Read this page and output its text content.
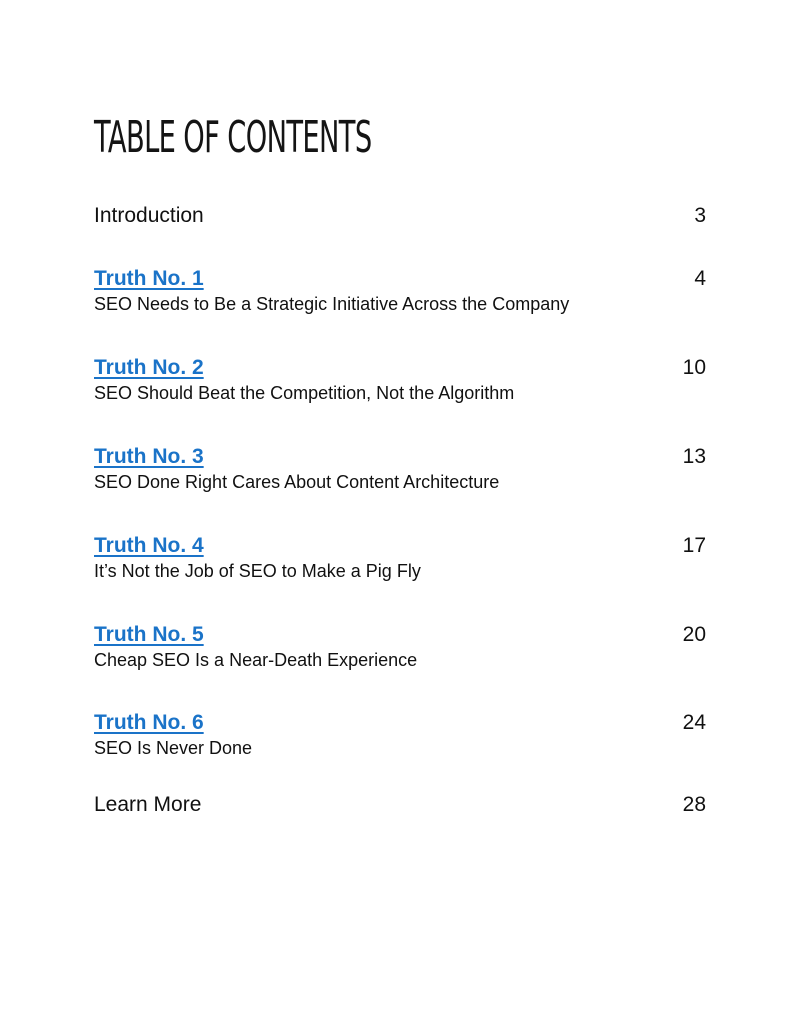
TABLE OF CONTENTS
Introduction	3
Truth No. 1	4
SEO Needs to Be a Strategic Initiative Across the Company
Truth No. 2	10
SEO Should Beat the Competition, Not the Algorithm
Truth No. 3	13
SEO Done Right Cares About Content Architecture
Truth No. 4	17
It’s Not the Job of SEO to Make a Pig Fly
Truth No. 5	20
Cheap SEO Is a Near-Death Experience
Truth No. 6	24
SEO Is Never Done
Learn More	28
